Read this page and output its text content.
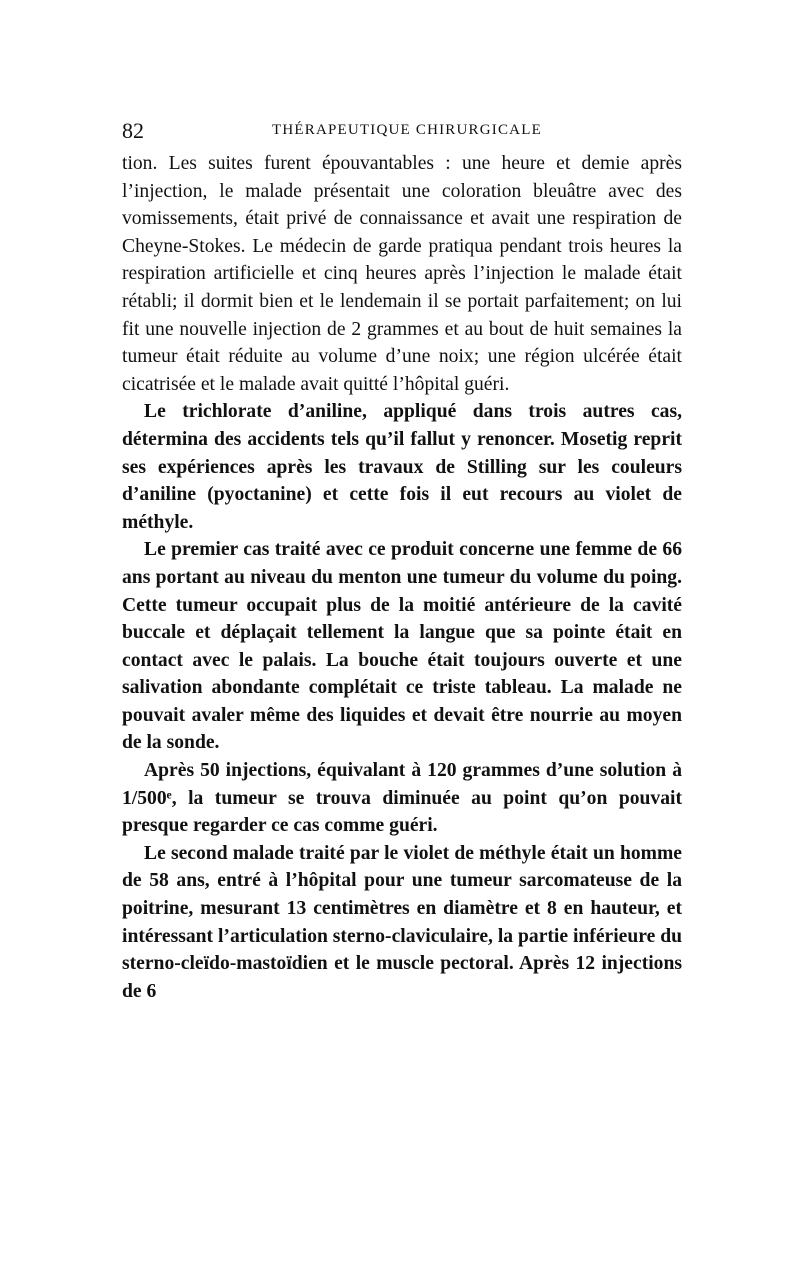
82	THÉRAPEUTIQUE CHIRURGICALE

tion. Les suites furent épouvantables : une heure et demie après l’injection, le malade présentait une coloration bleuâtre avec des vomissements, était privé de connaissance et avait une respiration de Cheyne-Stokes. Le médecin de garde pratiqua pendant trois heures la respiration artificielle et cinq heures après l’injection le malade était rétabli; il dormit bien et le lendemain il se portait parfaitement; on lui fit une nouvelle injection de 2 grammes et au bout de huit semaines la tumeur était réduite au volume d’une noix; une région ulcérée était cicatrisée et le malade avait quitté l’hôpital guéri.

Le trichlorate d’aniline, appliqué dans trois autres cas, détermina des accidents tels qu’il fallut y renoncer. Mosetig reprit ses expériences après les travaux de Stilling sur les couleurs d’aniline (pyoctanine) et cette fois il eut recours au violet de méthyle.

Le premier cas traité avec ce produit concerne une femme de 66 ans portant au niveau du menton une tumeur du volume du poing. Cette tumeur occupait plus de la moitié antérieure de la cavité buccale et déplaçait tellement la langue que sa pointe était en contact avec le palais. La bouche était toujours ouverte et une salivation abondante complétait ce triste tableau. La malade ne pouvait avaler même des liquides et devait être nourrie au moyen de la sonde.

Après 50 injections, équivalant à 120 grammes d’une solution à 1/500ᵉ, la tumeur se trouva diminuée au point qu’on pouvait presque regarder ce cas comme guéri.

Le second malade traité par le violet de méthyle était un homme de 58 ans, entré à l’hôpital pour une tumeur sarcomateuse de la poitrine, mesurant 13 centimètres en diamètre et 8 en hauteur, et intéressant l’articulation sterno-claviculaire, la partie inférieure du sterno-cleïdo-mastoïdien et le muscle pectoral. Après 12 injections de 6
